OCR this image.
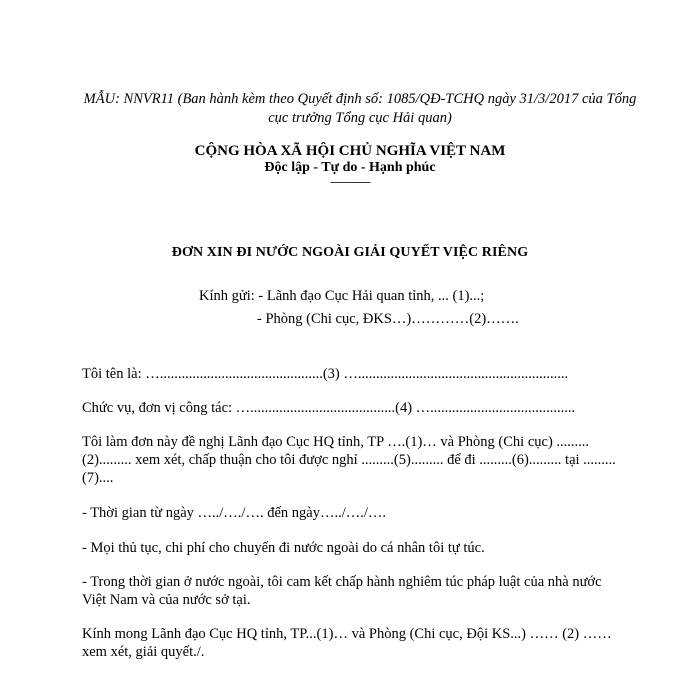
MẪU: NNVR11 (Ban hành kèm theo Quyết định số: 1085/QĐ-TCHQ ngày 31/3/2017 của Tổng cục trưởng Tổng cục Hải quan)
CỘNG HÒA XÃ HỘI CHỦ NGHĨA VIỆT NAM
Độc lập - Tự do - Hạnh phúc
---------------
ĐƠN XIN ĐI NƯỚC NGOÀI GIẢI QUYẾT VIỆC RIÊNG
Kính gửi: - Lãnh đạo Cục Hải quan tỉnh, ... (1)...;
- Phòng (Chi cục, ĐKS…)…………(2)…….
Tôi tên là: ….............................................(3) …..........................................................
Chức vụ, đơn vị công tác: …........................................(4) …........................................
Tôi làm đơn này đề nghị Lãnh đạo Cục HQ tỉnh, TP ….(1)… và Phòng (Chi cục) ......... (2)......... xem xét, chấp thuận cho tôi được nghỉ .........(5)......... để đi .........(6)......... tại .........(7)....
- Thời gian từ ngày …../…./…. đến ngày…../…./….
- Mọi thủ tục, chi phí cho chuyến đi nước ngoài do cá nhân tôi tự túc.
- Trong thời gian ở nước ngoài, tôi cam kết chấp hành nghiêm túc pháp luật của nhà nước Việt Nam và của nước sở tại.
Kính mong Lãnh đạo Cục HQ tỉnh, TP...(1)… và Phòng (Chi cục, Đội KS...) …… (2) …… xem xét, giải quyết./.
